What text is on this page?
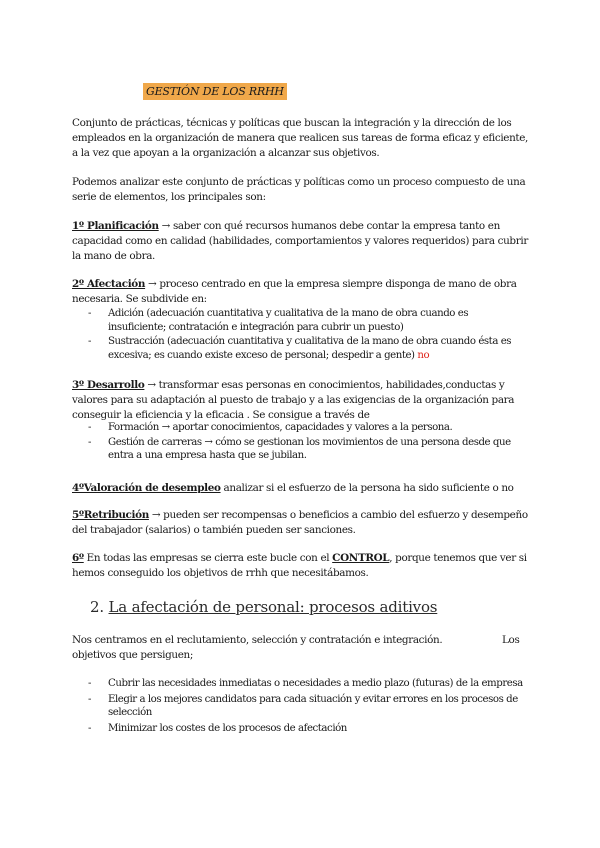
GESTIÓN DE LOS RRHH

Conjunto de prácticas, técnicas y políticas que buscan la integración y la dirección de los empleados en la organización de manera que realicen sus tareas de forma eficaz y eficiente, a la vez que apoyan a la organización a alcanzar sus objetivos.

Podemos analizar este conjunto de prácticas y políticas como un proceso compuesto de una serie de elementos, los principales son:

1º Planificación → saber con qué recursos humanos debe contar la empresa tanto en capacidad como en calidad (habilidades, comportamientos y valores requeridos) para cubrir la mano de obra.

2º Afectación → proceso centrado en que la empresa siempre disponga de mano de obra necesaria. Se subdivide en:

- Adición (adecuación cuantitativa y cualitativa de la mano de obra cuando es insuficiente; contratación e integración para cubrir un puesto)
- Sustracción (adecuación cuantitativa y cualitativa de la mano de obra cuando ésta es excesiva; es cuando existe exceso de personal; despedir a gente) no

3º Desarrollo → transformar esas personas en conocimientos, habilidades,conductas y valores para su adaptación al puesto de trabajo y a las exigencias de la organización para conseguir la eficiencia y la eficacia . Se consigue a través de

- Formación → aportar conocimientos, capacidades y valores a la persona.
- Gestión de carreras → cómo se gestionan los movimientos de una persona desde que entra a una empresa hasta que se jubilan.

4ºValoración de desempleo analizar si el esfuerzo de la persona ha sido suficiente o no

5ºRetribución → pueden ser recompensas o beneficios a cambio del esfuerzo y desempeño del trabajador (salarios) o también pueden ser sanciones.

6º En todas las empresas se cierra este bucle con el CONTROL, porque tenemos que ver si hemos conseguido los objetivos de rrhh que necesitábamos.

2. La afectación de personal: procesos aditivos

Nos centramos en el reclutamiento, selección y contratación e integración.	Los

objetivos que persiguen;

- Cubrir las necesidades inmediatas o necesidades a medio plazo (futuras) de la empresa
- Elegir a los mejores candidatos para cada situación y evitar errores en los procesos de selección
- Minimizar los costes de los procesos de afectación
